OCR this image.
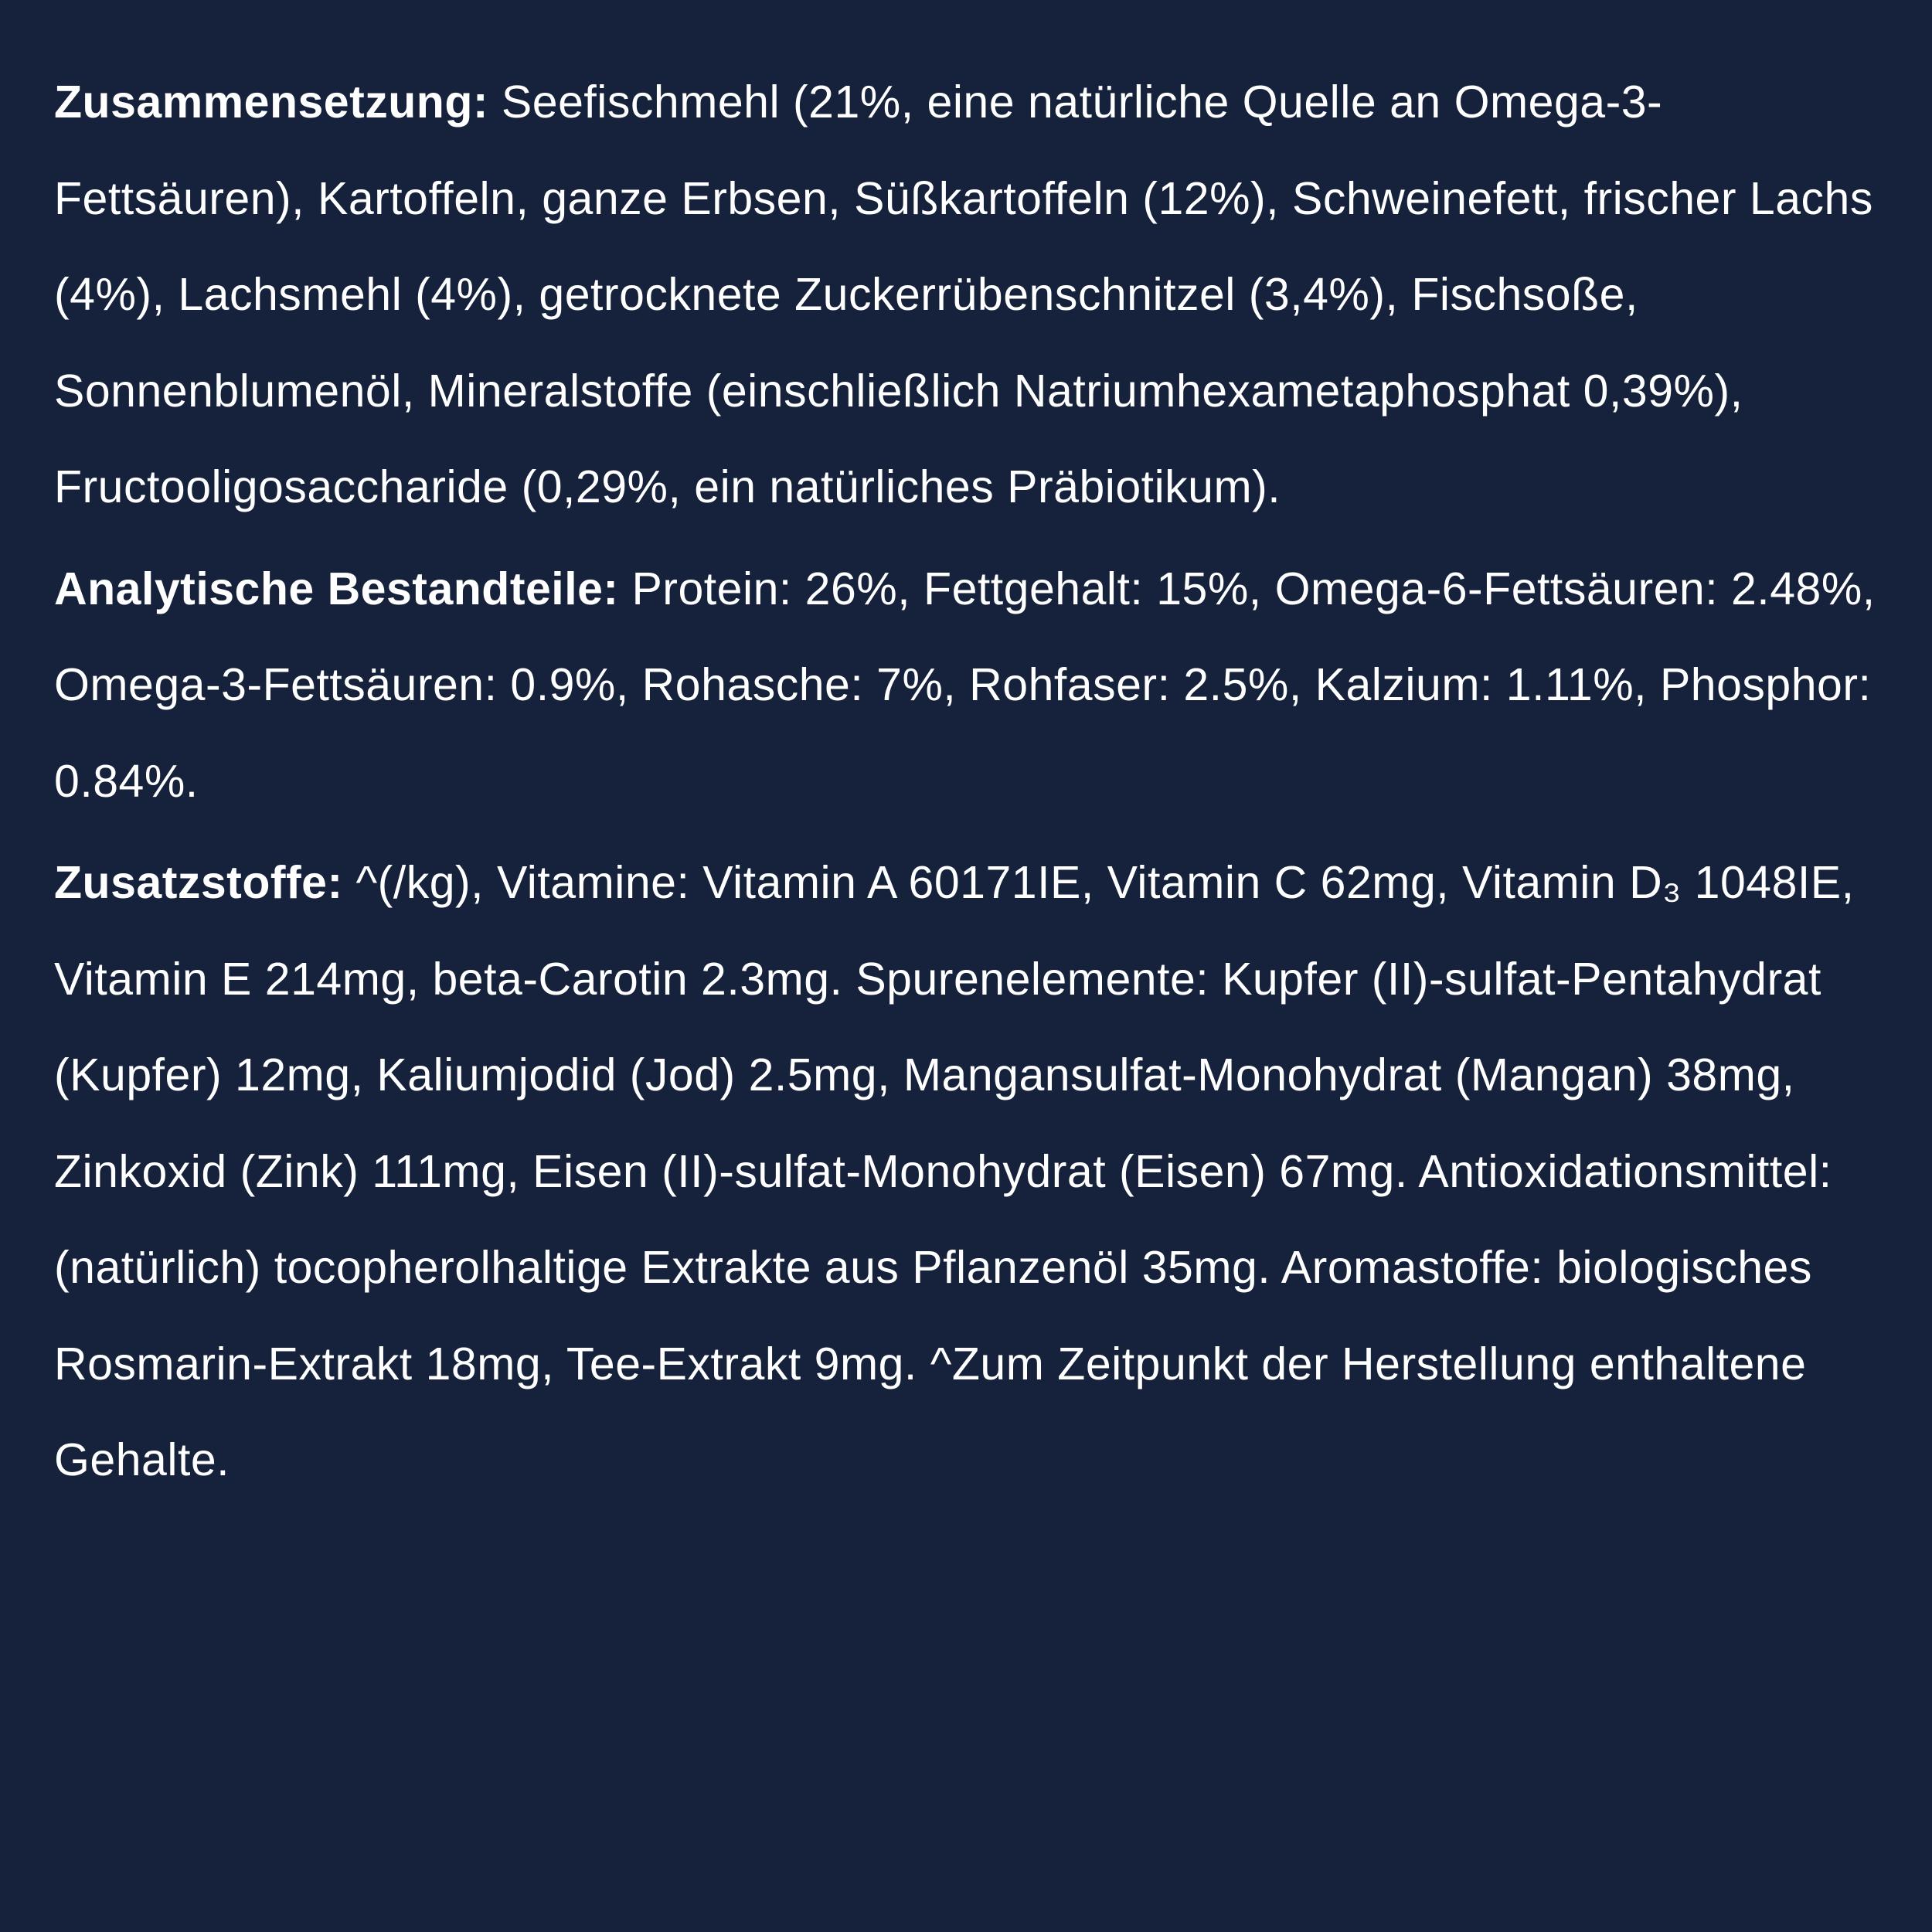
Zusammensetzung: Seefischmehl (21%, eine natürliche Quelle an Omega-3-Fettsäuren), Kartoffeln, ganze Erbsen, Süßkartoffeln (12%), Schweinefett, frischer Lachs (4%), Lachsmehl (4%), getrocknete Zuckerrübenschnitzel (3,4%), Fischsoße, Sonnenblumenöl, Mineralstoffe (einschließlich Natriumhexametaphosphat 0,39%), Fructooligosaccharide (0,29%, ein natürliches Präbiotikum).

Analytische Bestandteile: Protein: 26%, Fettgehalt: 15%, Omega-6-Fettsäuren: 2.48%, Omega-3-Fettsäuren: 0.9%, Rohasche: 7%, Rohfaser: 2.5%, Kalzium: 1.11%, Phosphor: 0.84%.

Zusatzstoffe: ^(/kg), Vitamine: Vitamin A 60171IE, Vitamin C 62mg, Vitamin D₃ 1048IE, Vitamin E 214mg, beta-Carotin 2.3mg. Spurenelemente: Kupfer (II)-sulfat-Pentahydrat (Kupfer) 12mg, Kaliumjodid (Jod) 2.5mg, Mangansulfat-Monohydrat (Mangan) 38mg, Zinkoxid (Zink) 111mg, Eisen (II)-sulfat-Monohydrat (Eisen) 67mg. Antioxidationsmittel: (natürlich) tocopherolhaltige Extrakte aus Pflanzenöl 35mg. Aromastoffe: biologisches Rosmarin-Extrakt 18mg, Tee-Extrakt 9mg. ^Zum Zeitpunkt der Herstellung enthaltene Gehalte.
